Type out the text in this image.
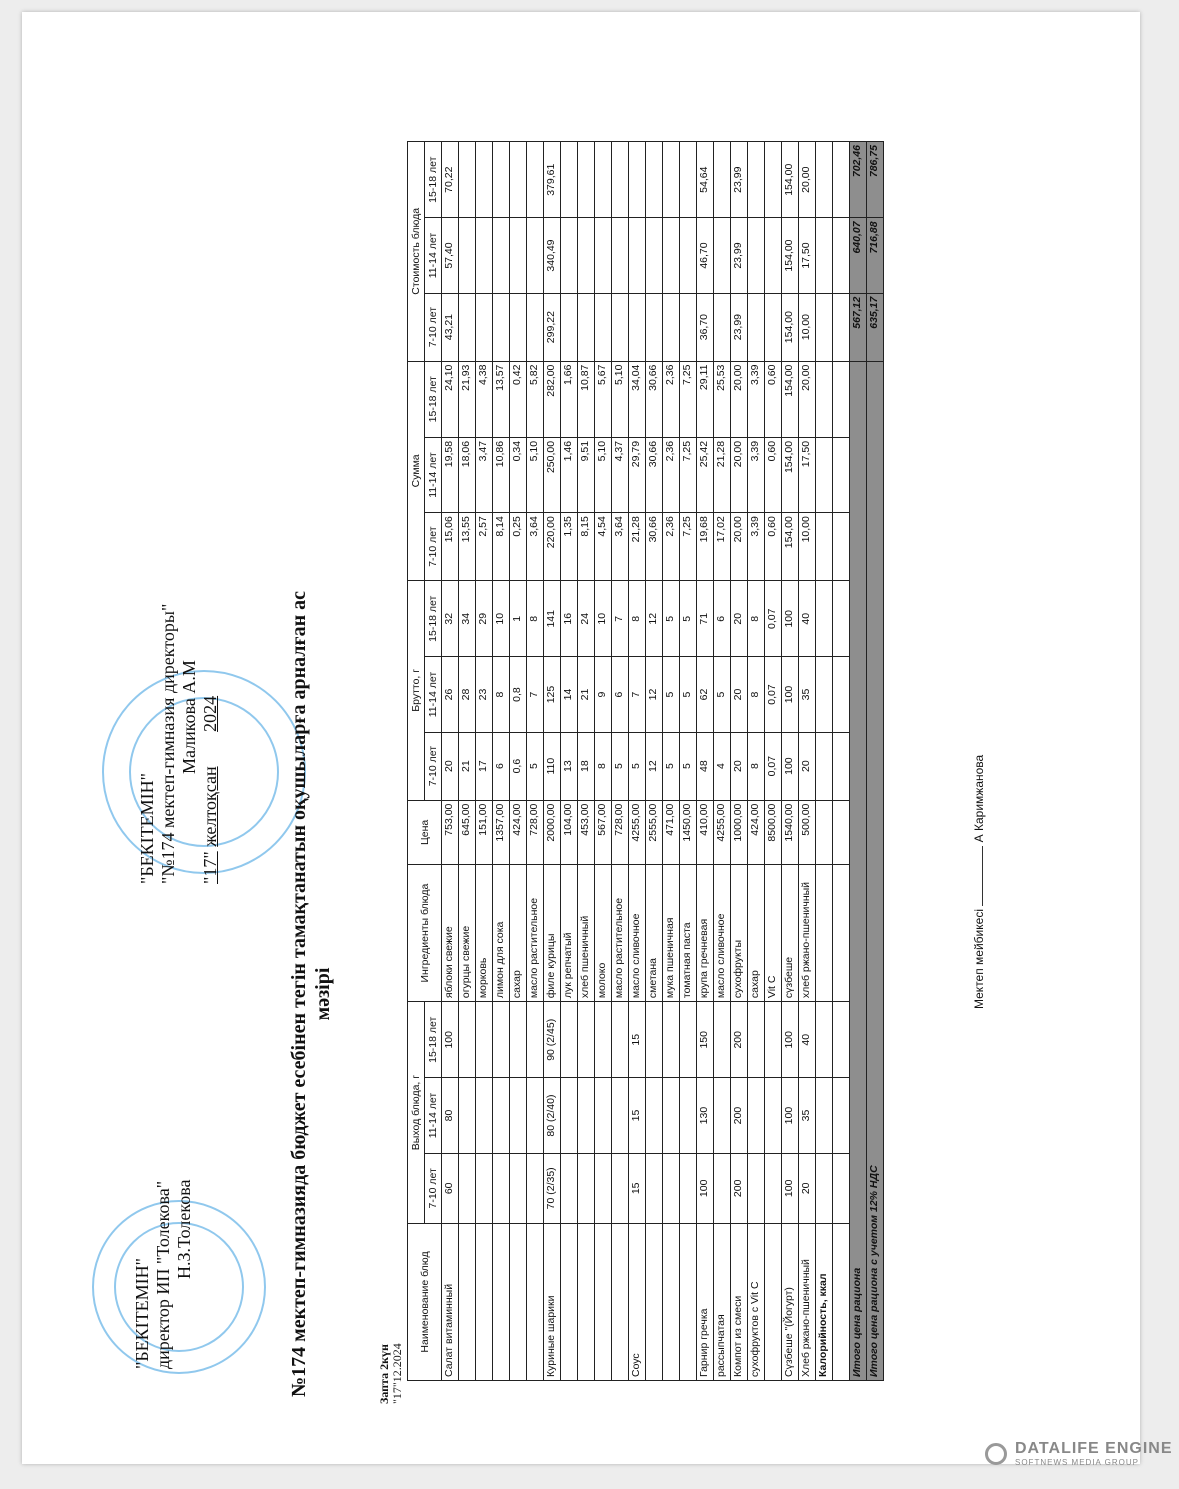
"БЕКІТЕМІН" директор ИП "Толекова" Н.З.Толекова
"БЕКІТЕМІН" "№174 мектеп-гимназия директоры" Маликова А.М
"17" желтоқсан 2024	№174 мектеп-гимназияда бюджет есебінен тегін тамақтанатын оқушыларға арналған ас мәзірі
Запта 2күн "17"12.2024
Наименование блюд	Выход блюда, г			Ингредиенты блюда	Цена	Брутто, г			Сумма			Стоимость блюда		
	7-10 лет	11-14 лет	15-18 лет			7-10 лет	11-14 лет	15-18 лет	7-10 лет	11-14 лет	15-18 лет	7-10 лет	11-14 лет	15-18 лет
Салат витаминный	60	80	100	яблоки свежие	753,00	20	26	32	15,06	19,58	24,10	43,21	57,40	70,22
				огурцы свежие	645,00	21	28	34	13,55	18,06	21,93			
				морковь	151,00	17	23	29	2,57	3,47	4,38			
				лимон для сока	1357,00	6	8	10	8,14	10,86	13,57			
				сахар	424,00	0,6	0,8	1	0,25	0,34	0,42			
				масло растительное	728,00	5	7	8	3,64	5,10	5,82			
Куриные шарики	70 (2/35)	80 (2/40)	90 (2/45)	филе курицы	2000,00	110	125	141	220,00	250,00	282,00	299,22	340,49	379,61
				лук репчатый	104,00	13	14	16	1,35	1,46	1,66			
				хлеб пшеничный	453,00	18	21	24	8,15	9,51	10,87			
				молоко	567,00	8	9	10	4,54	5,10	5,67			
				масло растительное	728,00	5	6	7	3,64	4,37	5,10			
Соус	15	15	15	масло сливочное	4255,00	5	7	8	21,28	29,79	34,04			
				сметана	2555,00	12	12	12	30,66	30,66	30,66			
				мука пшеничная	471,00	5	5	5	2,36	2,36	2,36			
				томатная паста	1450,00	5	5	5	7,25	7,25	7,25			
Гарнир гречка	100	130	150	крупа гречневая	410,00	48	62	71	19,68	25,42	29,11	36,70	46,70	54,64
рассыпчатая				масло сливочное	4255,00	4	5	6	17,02	21,28	25,53			
Компот из смеси	200	200	200	сухофрукты	1000,00	20	20	20	20,00	20,00	20,00	23,99	23,99	23,99
сухофруктов с Vit C				сахар	424,00	8	8	8	3,39	3,39	3,39			
				Vit C	8500,00	0,07	0,07	0,07	0,60	0,60	0,60			
Сүзбеше "(Йогурт)	100	100	100	сүзбеше	1540,00	100	100	100	154,00	154,00	154,00	154,00	154,00	154,00
Хлеб ржано-пшеничный	20	35	40	хлеб ржано-пшеничный	500,00	20	35	40	10,00	17,50	20,00	10,00	17,50	20,00
Калорийность, ккал														

Итого цена рациона												567,12	640,07	702,46
Итого цена рациона с учетом 12% НДС												635,17	716,88	786,75
Мектеп мейбикесі  А Каримжанова
DATALIFE ENGINE
SOFTNEWS MEDIA GROUP
